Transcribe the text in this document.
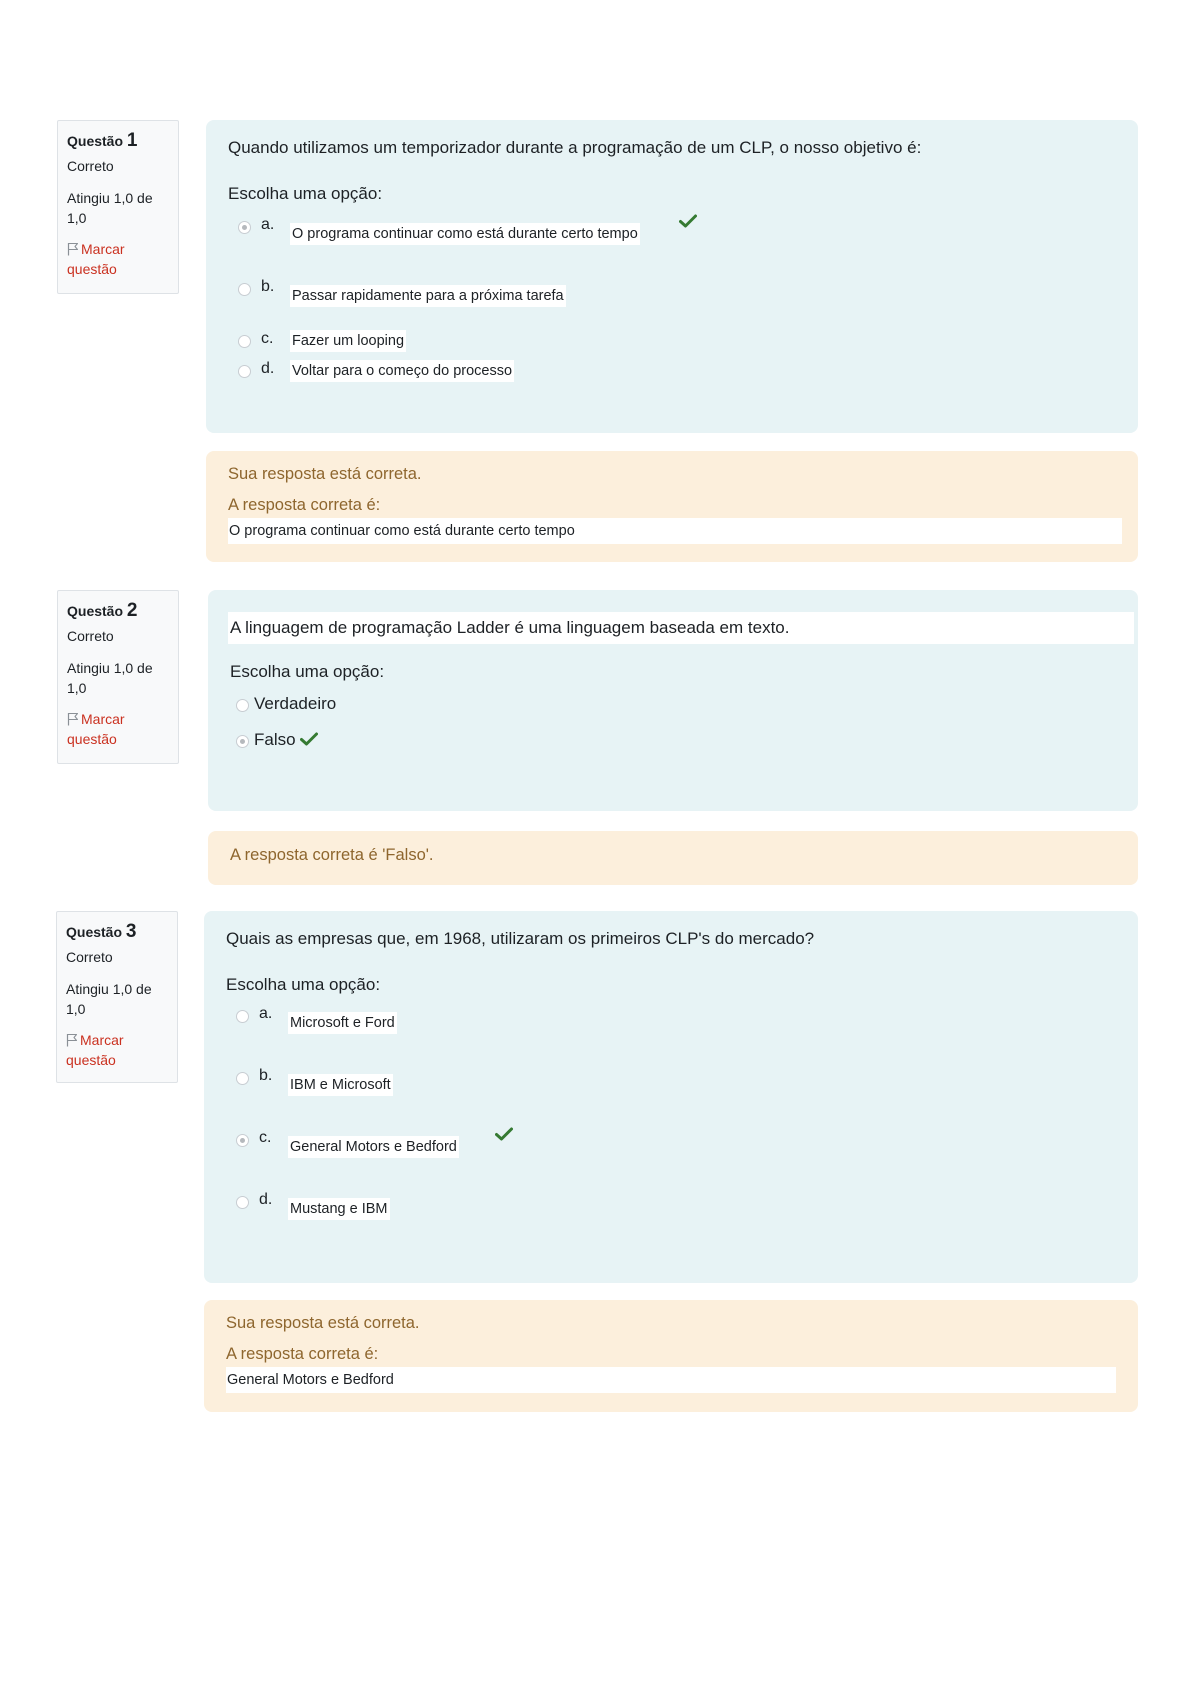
Questão 1
Correto
Atingiu 1,0 de 1,0
Marcar questão
Quando utilizamos um temporizador durante a programação de um CLP, o nosso objetivo é:
Escolha uma opção:
a.
O programa continuar como está durante certo tempo
b.
Passar rapidamente para a próxima tarefa
c. Fazer um looping
d. Voltar para o começo do processo
Sua resposta está correta.
A resposta correta é:
O programa continuar como está durante certo tempo
Questão 2
Correto
Atingiu 1,0 de 1,0
Marcar questão
A linguagem de programação Ladder é uma linguagem baseada em texto.
Escolha uma opção:
Verdadeiro
Falso
A resposta correta é 'Falso'.
Questão 3
Correto
Atingiu 1,0 de 1,0
Marcar questão
Quais as empresas que, em 1968, utilizaram os primeiros CLP's do mercado?
Escolha uma opção:
a.
Microsoft e Ford
b.
IBM e Microsoft
c.
General Motors e Bedford
d.
Mustang e IBM
Sua resposta está correta.
A resposta correta é:
General Motors e Bedford
